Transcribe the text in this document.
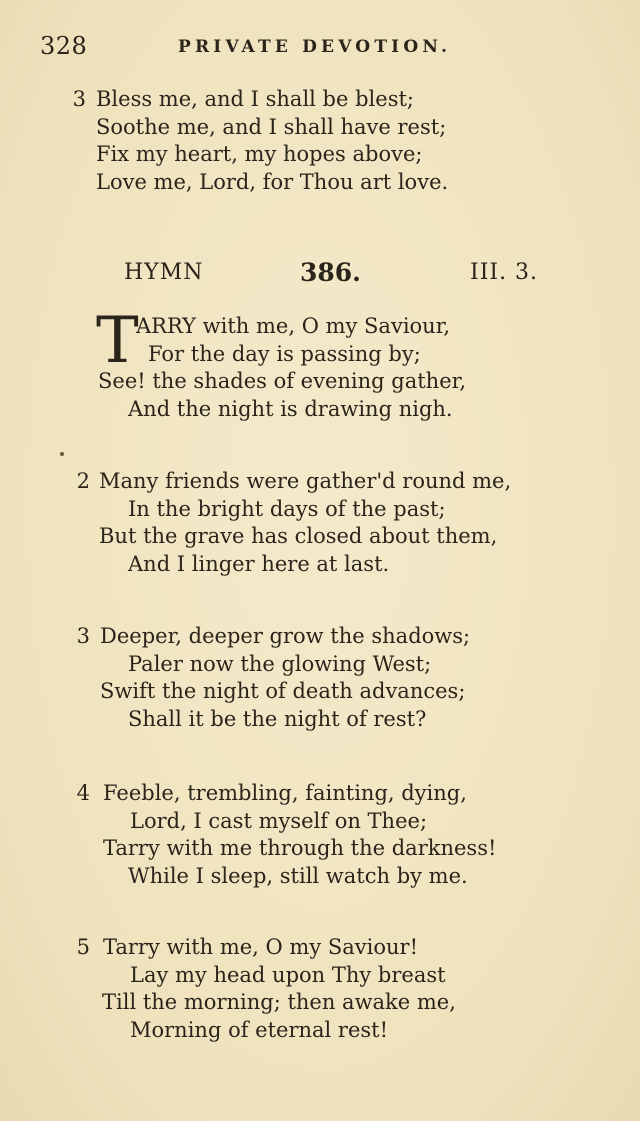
328	PRIVATE DEVOTION.
3 Bless me, and I shall be blest;
Soothe me, and I shall have rest;
Fix my heart, my hopes above;
Love me, Lord, for Thou art love.
HYMN	386.	III. 3.
T
ARRY with me, O my Saviour,
For the day is passing by;
See! the shades of evening gather,
And the night is drawing nigh.
2 Many friends were gather'd round me,
In the bright days of the past;
But the grave has closed about them,
And I linger here at last.
3 Deeper, deeper grow the shadows;
Paler now the glowing West;
Swift the night of death advances;
Shall it be the night of rest?
4 Feeble, trembling, fainting, dying,
Lord, I cast myself on Thee;
Tarry with me through the darkness!
While I sleep, still watch by me.
5 Tarry with me, O my Saviour!
Lay my head upon Thy breast
Till the morning; then awake me,
Morning of eternal rest!
